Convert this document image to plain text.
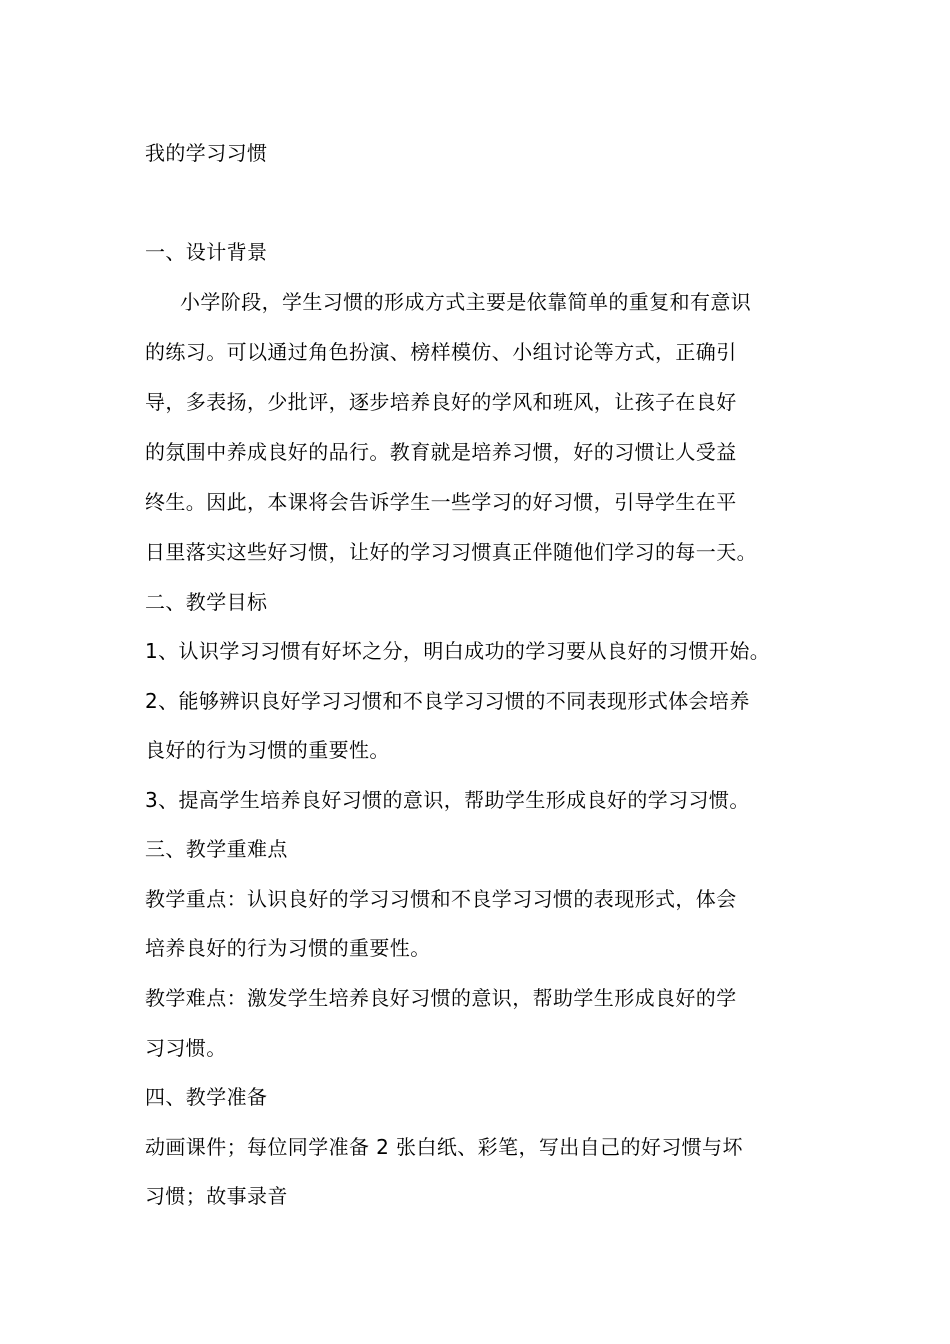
我的学习习惯
一、设计背景
小学阶段，学生习惯的形成方式主要是依靠简单的重复和有意识
的练习。可以通过角色扮演、榜样模仿、小组讨论等方式，正确引
导，多表扬，少批评，逐步培养良好的学风和班风，让孩子在良好
的氛围中养成良好的品行。教育就是培养习惯，好的习惯让人受益
终生。因此，本课将会告诉学生一些学习的好习惯，引导学生在平
日里落实这些好习惯，让好的学习习惯真正伴随他们学习的每一天。
二、教学目标
1、认识学习习惯有好坏之分，明白成功的学习要从良好的习惯开始。
2、能够辨识良好学习习惯和不良学习习惯的不同表现形式体会培养
良好的行为习惯的重要性。
3、提高学生培养良好习惯的意识，帮助学生形成良好的学习习惯。
三、教学重难点
教学重点：认识良好的学习习惯和不良学习习惯的表现形式，体会
培养良好的行为习惯的重要性。
教学难点：激发学生培养良好习惯的意识，帮助学生形成良好的学
习习惯。
四、教学准备
动画课件；每位同学准备 2 张白纸、彩笔，写出自己的好习惯与坏
习惯；故事录音
